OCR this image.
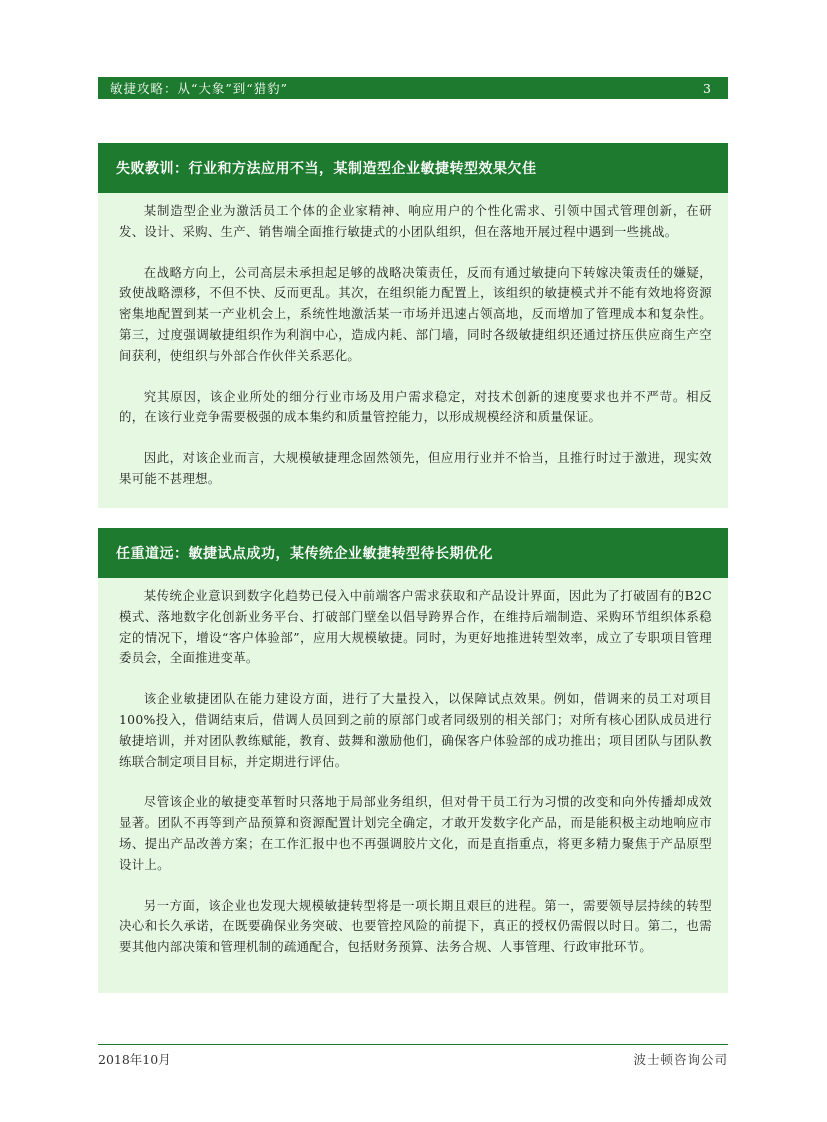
敏捷攻略：从“大象”到“猎豹”	3
失败教训：行业和方法应用不当，某制造型企业敏捷转型效果欠佳

某制造型企业为激活员工个体的企业家精神、响应用户的个性化需求、引领中国式管理创新，在研发、设计、采购、生产、销售端全面推行敏捷式的小团队组织，但在落地开展过程中遇到一些挑战。

在战略方向上，公司高层未承担起足够的战略决策责任，反而有通过敏捷向下转嫁决策责任的嫌疑，致使战略漂移，不但不快、反而更乱。其次，在组织能力配置上，该组织的敏捷模式并不能有效地将资源密集地配置到某一产业机会上，系统性地激活某一市场并迅速占领高地，反而增加了管理成本和复杂性。第三，过度强调敏捷组织作为利润中心，造成内耗、部门墙，同时各级敏捷组织还通过挤压供应商生产空间获利，使组织与外部合作伙伴关系恶化。

究其原因，该企业所处的细分行业市场及用户需求稳定，对技术创新的速度要求也并不严苛。相反的，在该行业竞争需要极强的成本集约和质量管控能力，以形成规模经济和质量保证。

因此，对该企业而言，大规模敏捷理念固然领先，但应用行业并不恰当，且推行时过于激进，现实效果可能不甚理想。

任重道远：敏捷试点成功，某传统企业敏捷转型待长期优化

某传统企业意识到数字化趋势已侵入中前端客户需求获取和产品设计界面，因此为了打破固有的B2C模式、落地数字化创新业务平台、打破部门壁垒以倡导跨界合作，在维持后端制造、采购环节组织体系稳定的情况下，增设“客户体验部”，应用大规模敏捷。同时，为更好地推进转型效率，成立了专职项目管理委员会，全面推进变革。

该企业敏捷团队在能力建设方面，进行了大量投入，以保障试点效果。例如，借调来的员工对项目100%投入，借调结束后，借调人员回到之前的原部门或者同级别的相关部门；对所有核心团队成员进行敏捷培训，并对团队教练赋能，教育、鼓舞和激励他们，确保客户体验部的成功推出；项目团队与团队教练联合制定项目目标，并定期进行评估。

尽管该企业的敏捷变革暂时只落地于局部业务组织，但对骨干员工行为习惯的改变和向外传播却成效显著。团队不再等到产品预算和资源配置计划完全确定，才敢开发数字化产品，而是能积极主动地响应市场、提出产品改善方案；在工作汇报中也不再强调胶片文化，而是直指重点，将更多精力聚焦于产品原型设计上。

另一方面，该企业也发现大规模敏捷转型将是一项长期且艰巨的进程。第一，需要领导层持续的转型决心和长久承诺，在既要确保业务突破、也要管控风险的前提下，真正的授权仍需假以时日。第二，也需要其他内部决策和管理机制的疏通配合，包括财务预算、法务合规、人事管理、行政审批环节。

2018年10月	波士顿咨询公司
